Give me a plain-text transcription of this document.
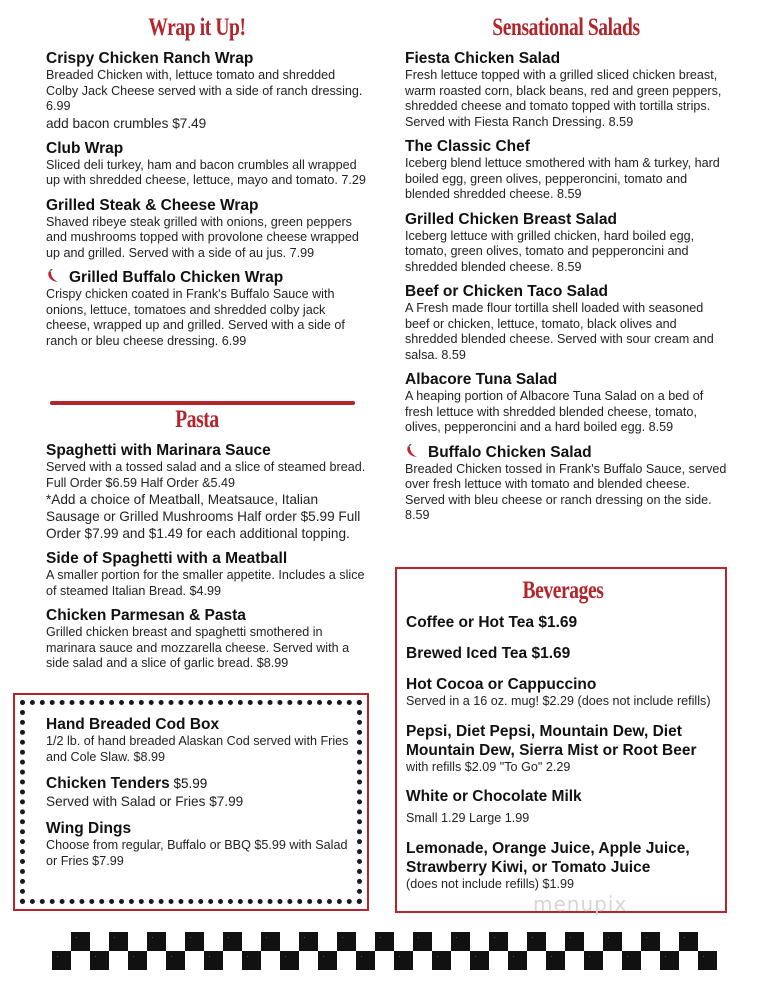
Wrap it Up!

Crispy Chicken Ranch Wrap

Breaded Chicken with, lettuce tomato and shredded Colby Jack Cheese served with a side of ranch dressing. 6.99

add bacon crumbles $7.49

Club Wrap

Sliced deli turkey, ham and bacon crumbles all wrapped up with shredded cheese, lettuce, mayo and tomato. 7.29

Grilled Steak & Cheese Wrap

Shaved ribeye steak grilled with onions, green peppers and mushrooms topped with provolone cheese wrapped up and grilled. Served with a side of au jus. 7.99

Grilled Buffalo Chicken Wrap

Crispy chicken coated in Frank's Buffalo Sauce with onions, lettuce, tomatoes and shredded colby jack cheese, wrapped up and grilled. Served with a side of ranch or bleu cheese dressing. 6.99

Pasta

Spaghetti with Marinara Sauce

Served with a tossed salad and a slice of steamed bread. Full Order $6.59 Half Order &5.49

*Add a choice of Meatball, Meatsauce, Italian Sausage or Grilled Mushrooms Half order $5.99 Full Order $7.99 and $1.49 for each additional topping.

Side of Spaghetti with a Meatball

A smaller portion for the smaller appetite. Includes a slice of steamed Italian Bread. $4.99

Chicken Parmesan & Pasta

Grilled chicken breast and spaghetti smothered in marinara sauce and mozzarella cheese. Served with a side salad and a slice of garlic bread. $8.99

Hand Breaded Cod Box

1/2 lb. of hand breaded Alaskan Cod served with Fries and Cole Slaw. $8.99

Chicken Tenders $5.99

Served with Salad or Fries $7.99

Wing Dings

Choose from regular, Buffalo or BBQ $5.99 with Salad or Fries $7.99

Sensational Salads

Fiesta Chicken Salad

Fresh lettuce topped with a grilled sliced chicken breast, warm roasted corn, black beans, red and green peppers, shredded cheese and tomato topped with tortilla strips. Served with Fiesta Ranch Dressing. 8.59

The Classic Chef

Iceberg blend lettuce smothered with ham & turkey, hard boiled egg, green olives, pepperoncini, tomato and blended shredded cheese. 8.59

Grilled Chicken Breast Salad

Iceberg lettuce with grilled chicken, hard boiled egg, tomato, green olives, tomato and pepperoncini and shredded blended cheese. 8.59

Beef or Chicken Taco Salad

A Fresh made flour tortilla shell loaded with seasoned beef or chicken, lettuce, tomato, black olives and shredded blended cheese. Served with sour cream and salsa. 8.59

Albacore Tuna Salad

A heaping portion of Albacore Tuna Salad on a bed of fresh lettuce with shredded blended cheese, tomato, olives, pepperoncini and a hard boiled egg. 8.59

Buffalo Chicken Salad

Breaded Chicken tossed in Frank's Buffalo Sauce, served over fresh lettuce with tomato and blended cheese. Served with bleu cheese or ranch dressing on the side. 8.59

Beverages

Coffee or Hot Tea $1.69

Brewed Iced Tea $1.69

Hot Cocoa or Cappuccino

Served in a 16 oz. mug! $2.29 (does not include refills)

Pepsi, Diet Pepsi, Mountain Dew, Diet Mountain Dew, Sierra Mist or Root Beer

with refills $2.09 "To Go" 2.29

White or Chocolate Milk

Small 1.29 Large 1.99

Lemonade, Orange Juice, Apple Juice, Strawberry Kiwi, or Tomato Juice

(does not include refills) $1.99

menupix
